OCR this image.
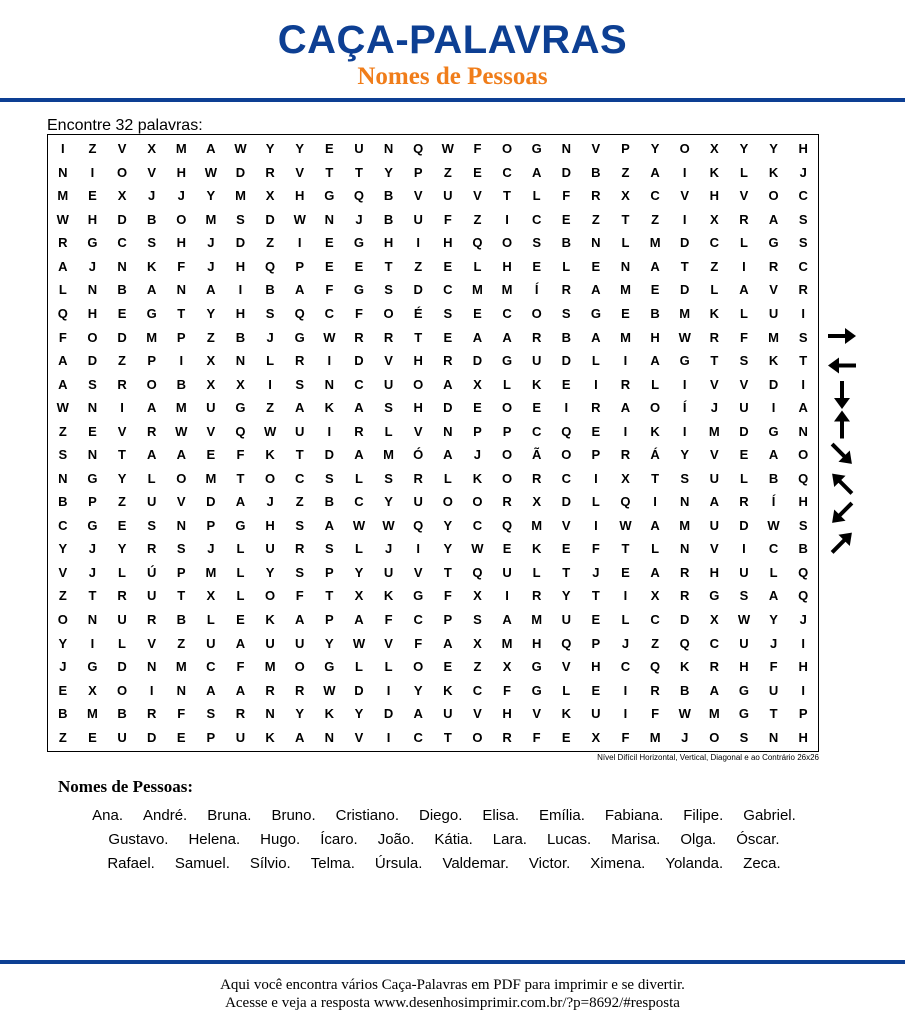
CAÇA-PALAVRAS
Nomes de Pessoas
Encontre 32 palavras:
I	Z	V	X	M	A	W	Y	Y	E	U	N	Q	W	F	O	G	N	V	P	Y	O	X	Y	Y	H
N	I	O	V	H	W	D	R	V	T	T	Y	P	Z	E	C	A	D	B	Z	A	I	K	L	K	J
M	E	X	J	J	Y	M	X	H	G	Q	B	V	U	V	T	L	F	R	X	C	V	H	V	O	C
W	H	D	B	O	M	S	D	W	N	J	B	U	F	Z	I	C	E	Z	T	Z	I	X	R	A	S
R	G	C	S	H	J	D	Z	I	E	G	H	I	H	Q	O	S	B	N	L	M	D	C	L	G	S
A	J	N	K	F	J	H	Q	P	E	E	T	Z	E	L	H	E	L	E	N	A	T	Z	I	R	C
L	N	B	A	N	A	I	B	A	F	G	S	D	C	M	M	Í	R	A	M	E	D	L	A	V	R
Q	H	E	G	T	Y	H	S	Q	C	F	O	É	S	E	C	O	S	G	E	B	M	K	L	U	I
F	O	D	M	P	Z	B	J	G	W	R	R	T	E	A	A	R	B	A	M	H	W	R	F	M	S
A	D	Z	P	I	X	N	L	R	I	D	V	H	R	D	G	U	D	L	I	A	G	T	S	K	T
A	S	R	O	B	X	X	I	S	N	C	U	O	A	X	L	K	E	I	R	L	I	V	V	D	I
W	N	I	A	M	U	G	Z	A	K	A	S	H	D	E	O	E	I	R	A	O	Í	J	U	I	A
Z	E	V	R	W	V	Q	W	U	I	R	L	V	N	P	P	C	Q	E	I	K	I	M	D	G	N
S	N	T	A	A	E	F	K	T	D	A	M	Ó	A	J	O	Ã	O	P	R	Á	Y	V	E	A	O
N	G	Y	L	O	M	T	O	C	S	L	S	R	L	K	O	R	C	I	X	T	S	U	L	B	Q
B	P	Z	U	V	D	A	J	Z	B	C	Y	U	O	O	R	X	D	L	Q	I	N	A	R	Í	H
C	G	E	S	N	P	G	H	S	A	W	W	Q	Y	C	Q	M	V	I	W	A	M	U	D	W	S
Y	J	Y	R	S	J	L	U	R	S	L	J	I	Y	W	E	K	E	F	T	L	N	V	I	C	B
V	J	L	Ú	P	M	L	Y	S	P	Y	U	V	T	Q	U	L	T	J	E	A	R	H	U	L	Q
Z	T	R	U	T	X	L	O	F	T	X	K	G	F	X	I	R	Y	T	I	X	R	G	S	A	Q
O	N	U	R	B	L	E	K	A	P	A	F	C	P	S	A	M	U	E	L	C	D	X	W	Y	J
Y	I	L	V	Z	U	A	U	U	Y	W	V	F	A	X	M	H	Q	P	J	Z	Q	C	U	J	I
J	G	D	N	M	C	F	M	O	G	L	L	O	E	Z	X	G	V	H	C	Q	K	R	H	F	H
E	X	O	I	N	A	A	R	R	W	D	I	Y	K	C	F	G	L	E	I	R	B	A	G	U	I
B	M	B	R	F	S	R	N	Y	K	Y	D	A	U	V	H	V	K	U	I	F	W	M	G	T	P
Z	E	U	D	E	P	U	K	A	N	V	I	C	T	O	R	F	E	X	F	M	J	O	S	N	H
Nível Difícil Horizontal, Vertical, Diagonal e ao Contrário 26x26
Nomes de Pessoas:
Ana. André. Bruna. Bruno. Cristiano. Diego. Elisa. Emília. Fabiana. Filipe. Gabriel.
Gustavo. Helena. Hugo. Ícaro. João. Kátia. Lara. Lucas. Marisa. Olga. Óscar.
Rafael. Samuel. Sílvio. Telma. Úrsula. Valdemar. Victor. Ximena. Yolanda. Zeca.
Aqui você encontra vários Caça-Palavras em PDF para imprimir e se divertir.
Acesse e veja a resposta www.desenhosimprimir.com.br/?p=8692/#resposta
